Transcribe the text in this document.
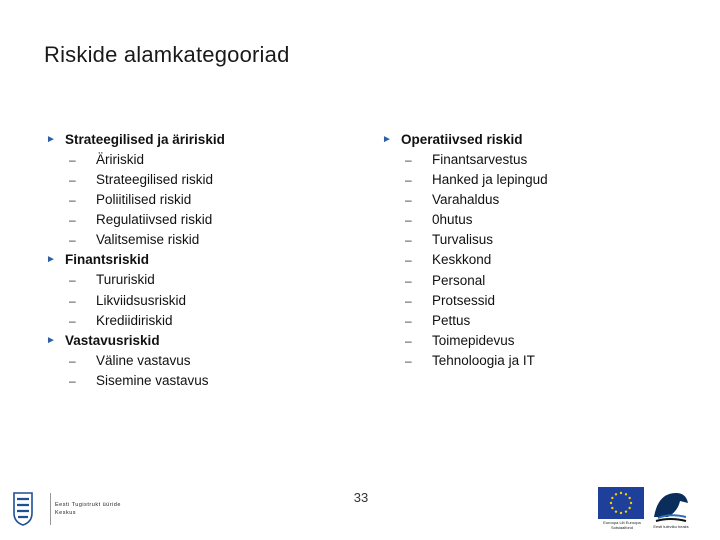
Riskide alamkategooriad
► Strateegilised ja äririskid
– Äririskid
– Strateegilised riskid
– Poliitilised riskid
– Regulatiivsed riskid
– Valitsemise riskid
► Finantsriskid
– Tururiskid
– Likviidsusriskid
– Krediidiriskid
► Vastavusriskid
– Väline vastavus
– Sisemine vastavus
► Operatiivsed riskid
– Finantsarvestus
– Hanked ja lepingud
– Varahaldus
– 0hutus
– Turvalisus
– Keskkond
– Personal
– Protsessid
– Pettus
– Toimepidevus
– Tehnoloogia ja IT
33
Eesti Tugistrukt üüride Keskus
Euroopa Liit Euroopa Sotsiaalfond	Eesti tuleviku heaks
